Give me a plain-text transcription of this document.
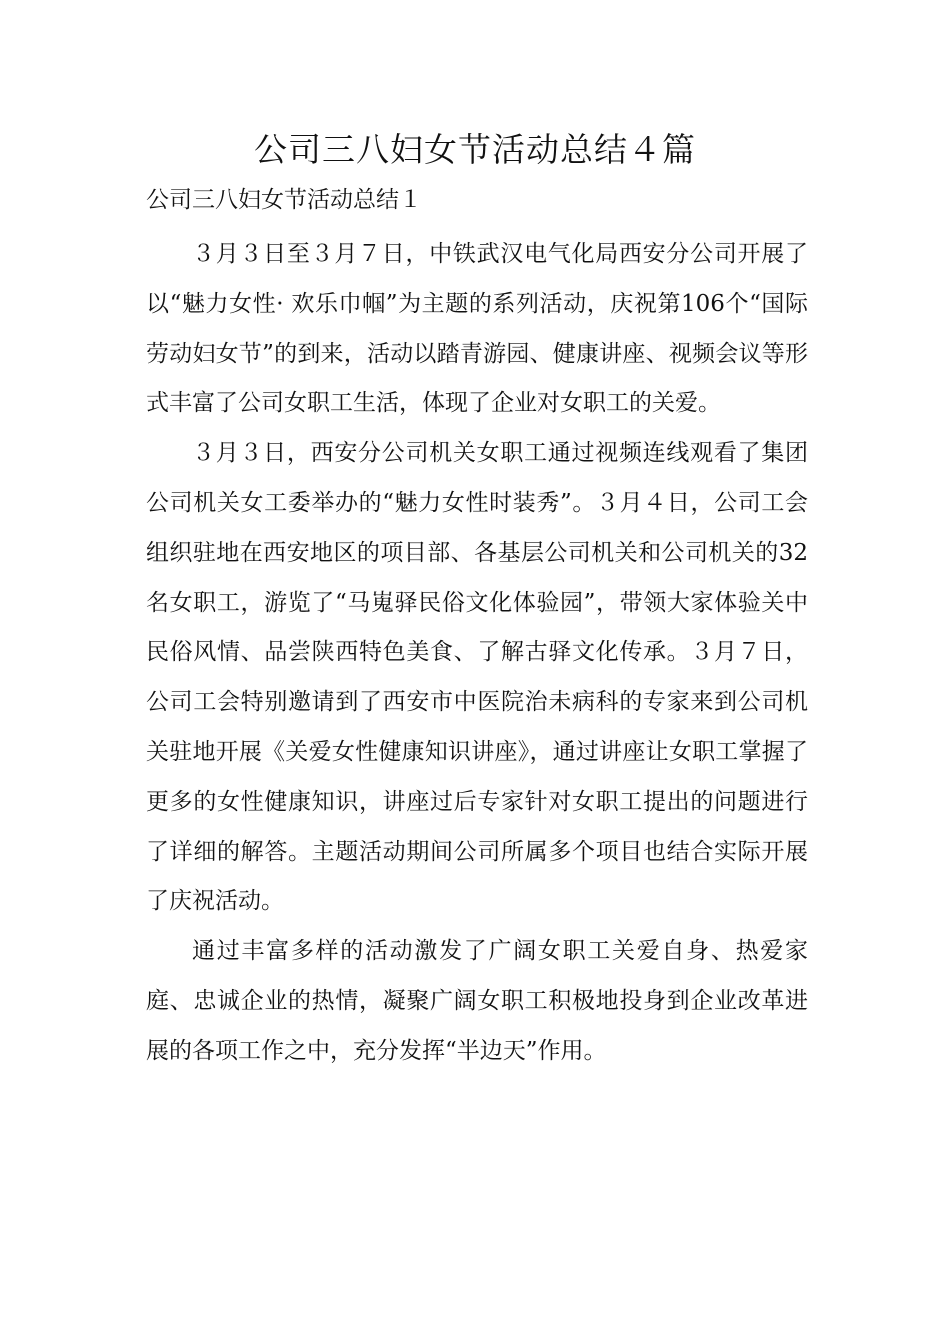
公司三八妇女节活动总结４篇

公司三八妇女节活动总结１

３月３日至３月７日，中铁武汉电气化局西安分公司开展了以“魅力女性· 欢乐巾帼”为主题的系列活动，庆祝第106个“国际劳动妇女节”的到来，活动以踏青游园、健康讲座、视频会议等形式丰富了公司女职工生活，体现了企业对女职工的关爱。

３月３日，西安分公司机关女职工通过视频连线观看了集团公司机关女工委举办的“魅力女性时装秀”。３月４日，公司工会组织驻地在西安地区的项目部、各基层公司机关和公司机关的32名女职工，游览了“马嵬驿民俗文化体验园”，带领大家体验关中民俗风情、品尝陕西特色美食、了解古驿文化传承。３月７日，公司工会特别邀请到了西安市中医院治未病科的专家来到公司机关驻地开展《关爱女性健康知识讲座》，通过讲座让女职工掌握了更多的女性健康知识，讲座过后专家针对女职工提出的问题进行了详细的解答。主题活动期间公司所属多个项目也结合实际开展了庆祝活动。

通过丰富多样的活动激发了广阔女职工关爱自身、热爱家庭、忠诚企业的热情，凝聚广阔女职工积极地投身到企业改革进展的各项工作之中，充分发挥“半边天”作用。
